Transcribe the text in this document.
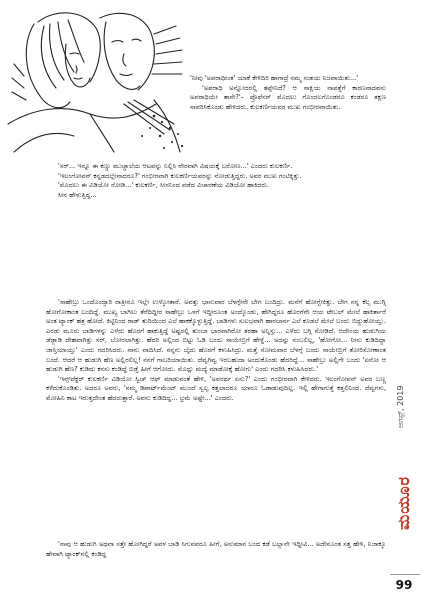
'ನೀವು 'ಅಪರಾಧೀಂತ' ಯಾಕೆ ಕೇಳಿದಿರಿ ಹಾಗಾದ್ರೆ ನಮ್ಮ ಸಂಶಯ ನಿಜವಾಯಿತು...'

'ಅಪರಾಧಿ ಅನ್ನೋದರಲ್ಲಿ ತಪ್ಪೇನಿದೆ? ಆ ಸಾಕ್ಷಿಯ ನಾಪತ್ತೆಗೆ ಕಾರಣನಾದವನು ಅಪರಾಧಿಯೇ ತಾನೇ?'– ಪ್ರೊಫೆಸರ್ ಮೊದಲು ಗೊಂದಲಗೊಂಡರೂ ಕಂಡರೂ ತಕ್ಷಣ ಸಾವರಿಸಿಕೊಂಡು ಹೇಳಿದರು. ಕುಲಕರ್ಣಿಯವರ ಮುಖ ಗಂಭೀರವಾಯಿತು.

'ಸರ್... ಇನ್ನೂ ಈ ಕಣ್ಣು ಮುಚ್ಚಾಲೆಯ ಆಟವನ್ನು ನಿಲ್ಲಿಸಿ ನೇರವಾಗಿ ವಿಷಯಕ್ಕೆ ಬರೋಣ...' ಎಂದರು ಕುಲಕರ್ಣಿ.

'ಇಲಂಗೋವನ್ ಕನ್ನಡದಲ್ಲೇನಾದರೂ?' ಗಂಭೀರವಾಗಿ ಕುಲಕರ್ಣಿಯವರನ್ನು ನೋಡುತ್ತಿದ್ದರು. ಅವರ ಮುಖ ಗಂಟಿಕ್ಕಿತ್ತು.

'ಮೊದಲು ಈ ವಿಡಿಯೋ ನೋಡಿ...' ಕುಲಕರ್ಣಿ, ಸೀನನಿಂದ ಪಡೆದ ವಿಚಾರಣೆಯ ವಿಡಿಯೋ ಹಾಕಿದರು.

ಸೀನ ಹೇಳುತ್ತಿದ್ದ...

'ಸಾಹೇಬ್ರು ಒಂದೊಂದ್ಸಾರಿ ರಾತ್ರೀನೂ ಇಲ್ಲೇ ಉಳ್ಕೋತಾರೆ. ಅವತ್ತು ಭಾನುವಾರ ಬೆಳಗ್ಗೇನೇ ಬೇಗ ಬಂದಿದ್ರು. ಮನೆಗೆ ಹೋಗ್ಬೇಕಿತ್ತು. ಬೇಗ ನನ್ನ ಕೆಲ್ಸ ಮುಗ್ಸಿ ಹೋಗೋಕಾಂತ ಬಂದಿದ್ದೆ. ಮುಖ್ಯ ಬಾಗಿಲು ತೆರೆದಿದ್ದೀರ ಸಾಹೇಬ್ರು ಒಳಗೆ ಇದ್ದೀರೂಂತ ಅಂದ್ಕೊಂಡು, ಹೇಗಿದ್ದರೂ ಹೊರಗೆನೇ ಆಯ ಟೇಬಲ್ ಮೇಲೆ ಹಾಕಿರ್ತಾರೆ ಅಂತ ಟ್ಯಾಂಕ್ ಹತ್ರ ಹೋದೆ. ಕಿಟ್ಟಿನಿಂದ ರಾಡ್ ತುದಿಯಿಂದ ಎಲೆ ಹಾಕಕ್ಕೊಳ್ಳುತ್ತಿದ್ದೆ. ಬಾಡಿಗಳು ಸುಲಭವಾಗಿ ಹಾರಬಾರ್ನ ಎಲೆ ಕೂಡಲೆ ಮೇಲೆ ಬಂದು ಬಿದ್ದುಹೋಯ್ತು. ಎರಡು ಮೂರು ಬಾಡಿಗಳನ್ನು ಎಳೆದು ಹೊರಗೆ ಹಾಕುತ್ತಿದ್ದೆ ಅಷ್ಟರಲ್ಲಿ ತುಂಬಾ ಭಾರವಾಗಿರೋ ತರಹಾ ಅನ್ನಿಸ್ತು... ಎಳೆದು ಬಗ್ಗಿ ನೋಡಿದೆ. ಆದೇಂಯ ಹುಡುಗಿಯ ಡೆಡ್ಬಾಡಿ ದೇಹವಾಗಿತ್ತು ಸರ್, ಬೋರಲಾಗಿತ್ತು. ಹೆದರಿ ಅಲ್ಲಿಂದ ಬಿಟ್ಟು ಓಡಿ ಬಂದು ಸಾಯೇಬ್ರಿಗೆ ಹೇಳ್ದೆ... ಅದನ್ನು ನಂಬಲಿಲ್ಲ, 'ಹೋಗೋ... ನೀನು ಕುಡಿದಿದ್ದಾ ಜಾಸ್ತಿಯಾಯ್ತು' ಎಂದು ಗದರಿಸಿದರು. ನಾನು ವಾದಿಸಿದೆ. ನನ್ನನು ಬೈದು ಹೊರಗೆ ಕಳುಹಿಸಿದ್ರು. ಮತ್ತೆ ಸೋಮವಾರ ಬೆಳಗ್ಗೆ ಬಂದು ಸಾಯೇಬ್ರಿಗೆ ತೋರಿಸೋಣಾಂತ ಬಂದೆ. ಆದರೆ ಆ ಹುಡುಗಿ ಹೆಣ ಅಲ್ಲಿರಲಿಲ್ಲ! ನನಗೆ ಗಾಬರಿಯಾಯಿತು. ದೆವ್ವಗಿವ್ವ ಇರಬಹುದಾ ಅಂದುಕೊಂಡು ಹೆದರಿದ್ದೆ... ಸಾಹೇಬ್ರು ಅಲ್ಲಿಗೇ ಬಂದು 'ಏನೋ ಆ ಹುಡುಗಿ ಹೆಣ? ಕುಡಿದು ಕನಸು ಕಂಡಿದ್ದೆ ಬಿಡ್ತೆ ಹೀಗೆ ಆಗೋದು. ಮೊದ್ಲು ಮದ್ಯೆ ಮಾಡೋಕ್ಕೆ ಹೋಗು' ಎಂದು ಗದರಿಸಿ ಕಳುಹಿಸಿದರು.'

'ಇನ್ಸ್‌ಪೆಕ್ಟರ್ ಕುಲಕರ್ಣಿ ವಿಡಿಯೋ ಸ್ವಿಚ್ ಆಫ್ ಮಾಡುವಂತೆ ಹೇಳಿ, 'ಅವರರ್ಥ ಏನು?' ಎಂದು ಗಂಭೀರವಾಗಿ ಕೇಳಿದರು. ಇಲಂಗೋವನ್ ಅವರ ಬಣ್ಣ ಕಳೆದುಕೊಂಡಿತು. ಅದರೂ ಅವರು, 'ನಮ್ಮ ಡಿಪಾರ್ಟ್‌ಮೆಂಟ್ ಮುಂದೆ ಸ್ವಲ್ಪ ಕತ್ತಲಾದರೂ ಯಾರೂ ಓಡಾಡುವುದಿಲ್ಲ. ಇಲ್ಲಿ ಹೇಗಾಗುತ್ತೆ ಕತ್ತಲಿನಿಂದ. ದೆವ್ವಗಳು, ಮೋಹಿನಿ ಕಾಟ ಇರುತ್ತದೇಂತ ಹೆದರುತ್ತಾರೆ. ಅವನು ಕುಡಿದಿದ್ದ... ಭ್ರಮೆ ಅಷ್ಟೇ...' ಎಂದರು.

'ನಾವು ಆ ಹುಡುಗಿ ಅಥವಾ ಸತ್ತೇ ಹೋಗಿದ್ದರೆ ಅವಳ ಬಾಡಿ ಸಿಗುವವರೂ ಹೀಗೆ, ಅನುಮಾನ ಬಂದ ಕಡೆ ಬಲ್ಲಾನೇ ಇದ್ದೀವಿ... ಅದೇನೂಂತ ಸತ್ತ ಹೇಳಿ, ನಿಜಾಕ್ಕೂ ಹೇವಾಗಿ ಟ್ಯಾಂಕ್‌ನಲ್ಲಿ ಕಂಡಿದ್ದ

ಆಗಸ್ಟ್, 2019
ಮಯೂರ
99
